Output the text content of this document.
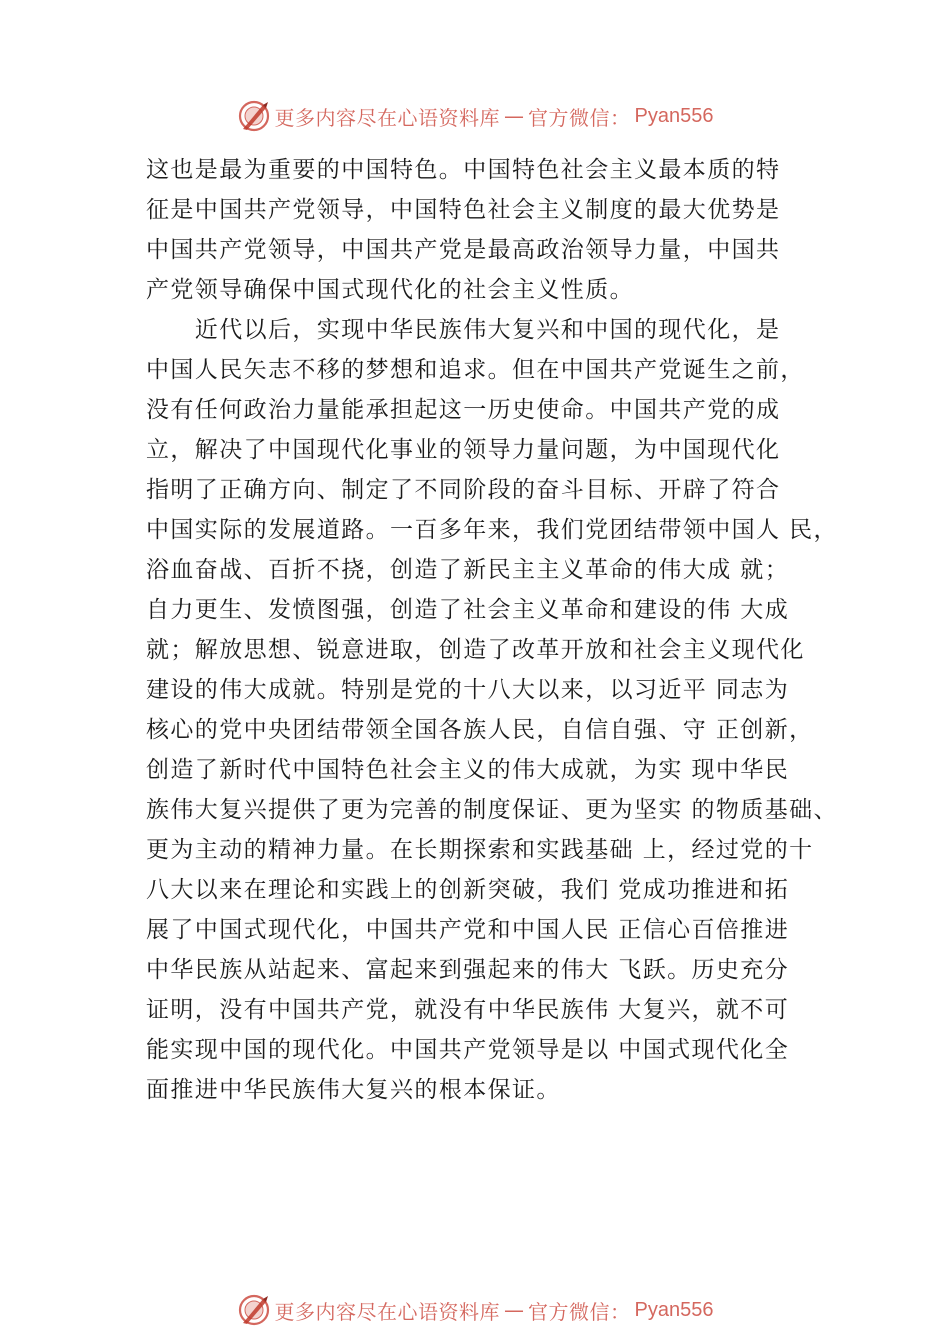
更多内容尽在心语资料库 — 官方微信： Pyan556
这也是最为重要的中国特色。中国特色社会主义最本质的特
征是中国共产党领导，中国特色社会主义制度的最大优势是
中国共产党领导，中国共产党是最高政治领导力量，中国共
产党领导确保中国式现代化的社会主义性质。
　　近代以后，实现中华民族伟大复兴和中国的现代化，是
中国人民矢志不移的梦想和追求。但在中国共产党诞生之前，
没有任何政治力量能承担起这一历史使命。中国共产党的成
立，解决了中国现代化事业的领导力量问题，为中国现代化
指明了正确方向、制定了不同阶段的奋斗目标、开辟了符合
中国实际的发展道路。一百多年来，我们党团结带领中国人 民，
浴血奋战、百折不挠，创造了新民主主义革命的伟大成 就；
自力更生、发愤图强，创造了社会主义革命和建设的伟 大成
就；解放思想、锐意进取，创造了改革开放和社会主义现代化
建设的伟大成就。特别是党的十八大以来，以习近平 同志为
核心的党中央团结带领全国各族人民，自信自强、守 正创新，
创造了新时代中国特色社会主义的伟大成就，为实 现中华民
族伟大复兴提供了更为完善的制度保证、更为坚实 的物质基础、
更为主动的精神力量。在长期探索和实践基础 上，经过党的十
八大以来在理论和实践上的创新突破，我们 党成功推进和拓
展了中国式现代化，中国共产党和中国人民 正信心百倍推进
中华民族从站起来、富起来到强起来的伟大 飞跃。历史充分
证明，没有中国共产党，就没有中华民族伟 大复兴，就不可
能实现中国的现代化。中国共产党领导是以 中国式现代化全
面推进中华民族伟大复兴的根本保证。
更多内容尽在心语资料库 — 官方微信： Pyan556
